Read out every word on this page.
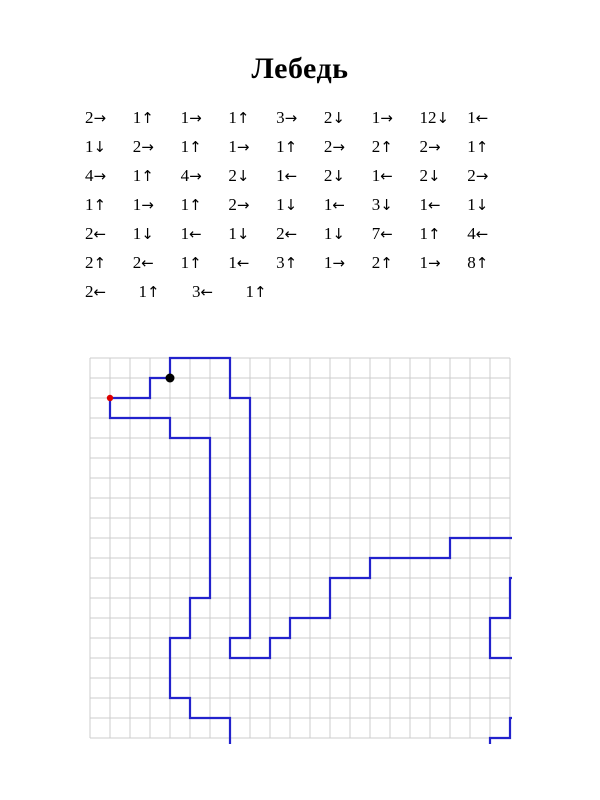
Лебедь
2→	1↑	1→	1↑	3→	2↓	1→	12↓	1←
1↓	2→	1↑	1→	1↑	2→	2↑	2→	1↑
4→	1↑	4→	2↓	1←	2↓	1←	2↓	2→
1↑	1→	1↑	2→	1↓	1←	3↓	1←	1↓
2←	1↓	1←	1↓	2←	1↓	7←	1↑	4←
2↑	2←	1↑	1←	3↑	1→	2↑	1→	8↑
2←	1↑	3←	1↑
